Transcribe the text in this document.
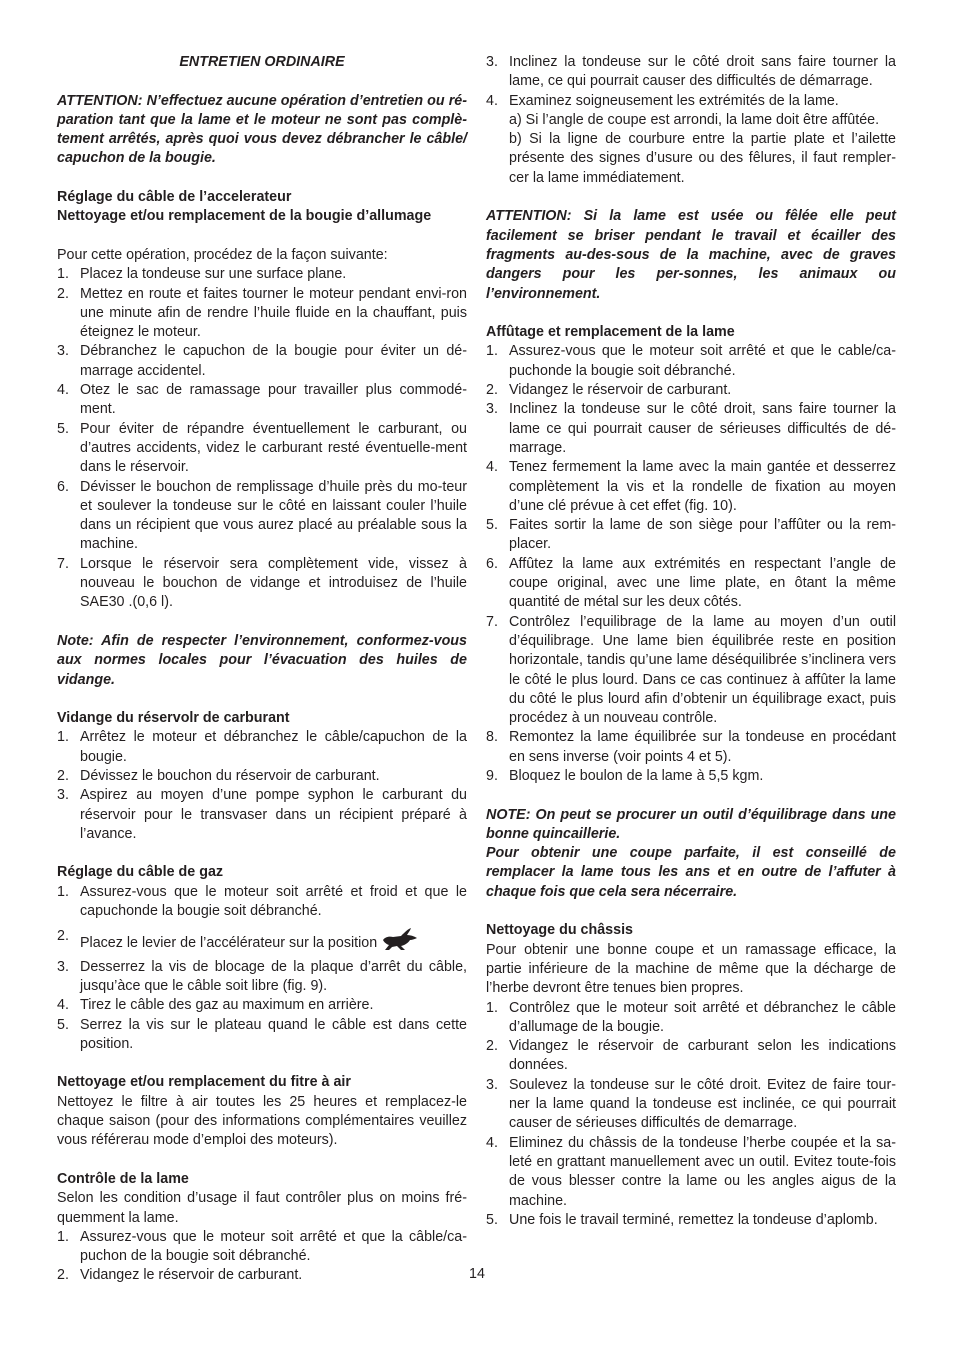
ENTRETIEN ORDINAIRE

ATTENTION: N’effectuez aucune opération d’entretien ou ré-paration tant que la lame et le moteur ne sont pas complè-tement arrêtés, après quoi vous devez débrancher le câble/ capuchon de la bougie.

Réglage du câble de l’accelerateur

Nettoyage et/ou remplacement de la bougie d’allumage

Pour cette opération, procédez de la façon suivante:

1. Placez la tondeuse sur une surface plane.
2. Mettez en route et faites tourner le moteur pendant envi-ron une minute afin de rendre l’huile fluide en la chauffant, puis éteignez le moteur.
3. Débranchez le capuchon de la bougie pour éviter un dé-marrage accidentel.
4. Otez le sac de ramassage pour travailler plus commodé-ment.
5. Pour éviter de répandre éventuellement le carburant, ou d’autres accidents, videz le carburant resté éventuelle-ment dans le réservoir.
6. Dévisser le bouchon de remplissage d’huile près du mo-teur et soulever la tondeuse sur le côté en laissant couler l’huile dans un récipient que vous aurez placé au préalable sous la machine.
7. Lorsque le réservoir sera complètement vide, vissez à nouveau le bouchon de vidange et introduisez de l’huile SAE30 .(0,6 l).

Note: Afin de respecter l’environnement, conformez-vous aux normes locales pour l’évacuation des huiles de vidange.

Vidange du réservolr de carburant

1. Arrêtez le moteur et débranchez le câble/capuchon de la bougie.
2. Dévissez le bouchon du réservoir de carburant.
3. Aspirez au moyen d’une pompe syphon le carburant du réservoir pour le transvaser dans un récipient préparé à l’avance.

Réglage du câble de gaz

1. Assurez-vous que le moteur soit arrêté et froid et que le capuchonde la bougie soit débranché.
2. Placez le levier de l’accélérateur sur la position
3. Desserrez la vis de blocage de la plaque d’arrêt du câble, jusqu’àce que le câble soit libre (fig. 9).
4. Tirez le câble des gaz au maximum en arrière.
5. Serrez la vis sur le plateau quand le câble est dans cette position.

Nettoyage et/ou remplacement du fitre à air

Nettoyez le filtre à air toutes les 25 heures et remplacez-le chaque saison (pour des informations complémentaires veuillez vous référerau mode d’emploi des moteurs).

Contrôle de la lame

Selon les condition d’usage il faut contrôler plus on moins fré-quemment la lame.

1. Assurez-vous que le moteur soit arrêté et que la câble/ca-puchon de la bougie soit débranché.
2. Vidangez le réservoir de carburant.
3. Inclinez la tondeuse sur le côté droit sans faire tourner la lame, ce qui pourrait causer des difficultés de démarrage.
4. Examinez soigneusement les extrémités de la lame.

a) Si l’angle de coupe est arrondi, la lame doit être affûtée.

b) Si la ligne de courbure entre la partie plate et l’ailette présente des signes d’usure ou des fêlures, il faut rempler-cer la lame immédiatement.

ATTENTION: Si la lame est usée ou fêlée elle peut facilement se briser pendant le travail et écailler des fragments au-des-sous de la machine, avec de graves dangers pour les per-sonnes, les animaux ou l’environnement.

Affûtage et remplacement de la lame

1. Assurez-vous que le moteur soit arrêté et que le cable/ca-puchonde la bougie soit débranché.
2. Vidangez le réservoir de carburant.
3. Inclinez la tondeuse sur le côté droit, sans faire tourner la lame ce qui pourrait causer de sérieuses difficultés de dé-marrage.
4. Tenez fermement la lame avec la main gantée et desserrez complètement la vis et la rondelle de fixation au moyen d’une clé prévue à cet effet (fig. 10).
5. Faites sortir la lame de son siège pour l’affûter ou la rem-placer.
6. Affûtez la lame aux extrémités en respectant l’angle de coupe original, avec une lime plate, en ôtant la même quantité de métal sur les deux côtés.
7. Contrôlez l’equilibrage de la lame au moyen d’un outil d’équilibrage. Une lame bien équilibrée reste en position horizontale, tandis qu’une lame déséquilibrée s’inclinera vers le côté le plus lourd. Dans ce cas continuez à affûter la lame du côté le plus lourd afin d’obtenir un équilibrage exact, puis procédez à un nouveau contrôle.
8. Remontez la lame équilibrée sur la tondeuse en procédant en sens inverse (voir points 4 et 5).
9. Bloquez le boulon de la lame à 5,5 kgm.

NOTE: On peut se procurer un outil d’équilibrage dans une bonne quincaillerie.

Pour obtenir une coupe parfaite, il est conseillé de remplacer la lame tous les ans et en outre de l’affuter à chaque fois que cela sera nécerraire.

Nettoyage du châssis

Pour obtenir une bonne coupe et un ramassage efficace, la partie inférieure de la machine de même que la décharge de l’herbe devront être tenues bien propres.

1. Contrôlez que le moteur soit arrêté et débranchez le câble d’allumage de la bougie.
2. Vidangez le réservoir de carburant selon les indications données.
3. Soulevez la tondeuse sur le côté droit. Evitez de faire tour-ner la lame quand la tondeuse est inclinée, ce qui pourrait causer de sérieuses difficultés de demarrage.
4. Eliminez du châssis de la tondeuse l’herbe coupée et la sa-leté en grattant manuellement avec un outil. Evitez toute-fois de vous blesser contre la lame ou les angles aigus de la machine.
5. Une fois le travail terminé, remettez la tondeuse d’aplomb.
14
